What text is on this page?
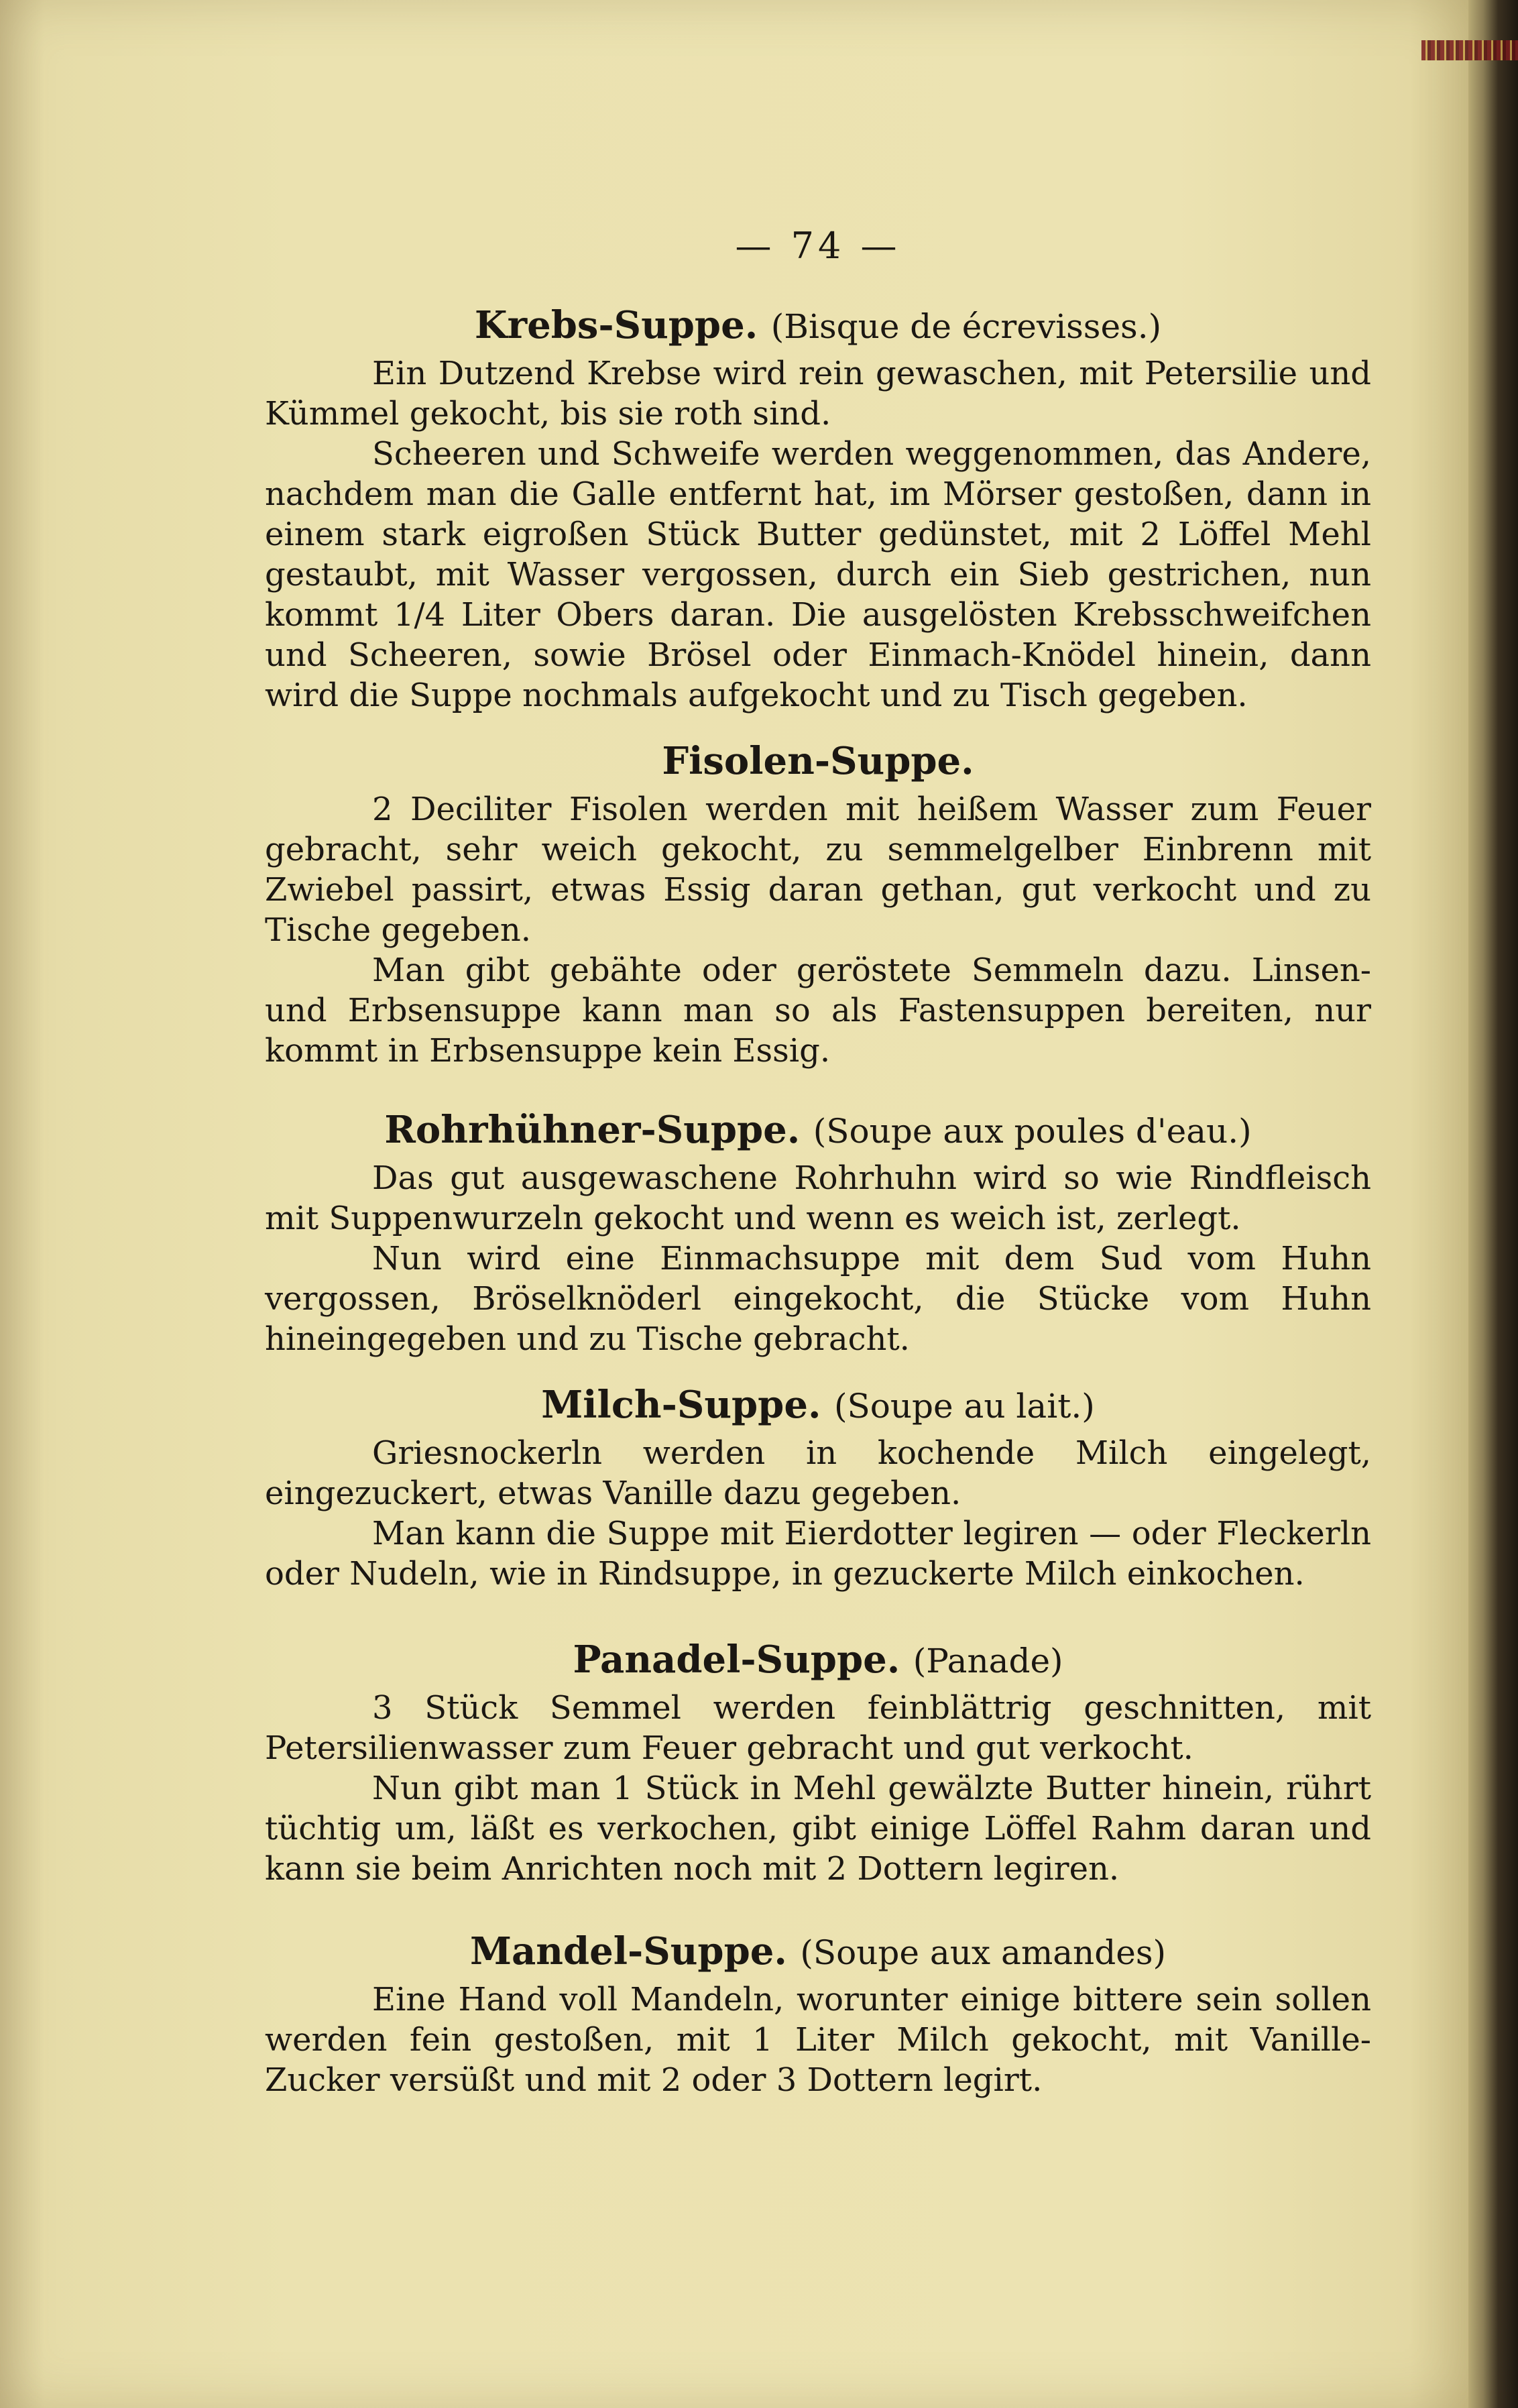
— 74 —

Krebs-Suppe. (Bisque de écrevisses.)

Ein Dutzend Krebse wird rein gewaschen, mit Petersilie und Kümmel gekocht, bis sie roth sind.

Scheeren und Schweife werden weggenommen, das Andere, nachdem man die Galle entfernt hat, im Mörser gestoßen, dann in einem stark eigroßen Stück Butter gedünstet, mit 2 Löffel Mehl gestaubt, mit Wasser vergossen, durch ein Sieb gestrichen, nun kommt 1/4 Liter Obers daran. Die ausgelösten Krebsschweifchen und Scheeren, sowie Brösel oder Einmach-Knödel hinein, dann wird die Suppe nochmals aufgekocht und zu Tisch gegeben.

Fisolen-Suppe.

2 Deciliter Fisolen werden mit heißem Wasser zum Feuer gebracht, sehr weich gekocht, zu semmelgelber Einbrenn mit Zwiebel passirt, etwas Essig daran gethan, gut verkocht und zu Tische gegeben.

Man gibt gebähte oder geröstete Semmeln dazu. Linsen- und Erbsensuppe kann man so als Fastensuppen bereiten, nur kommt in Erbsensuppe kein Essig.

Rohrhühner-Suppe. (Soupe aux poules d'eau.)

Das gut ausgewaschene Rohrhuhn wird so wie Rindfleisch mit Suppenwurzeln gekocht und wenn es weich ist, zerlegt.

Nun wird eine Einmachsuppe mit dem Sud vom Huhn vergossen, Bröselknöderl eingekocht, die Stücke vom Huhn hineingegeben und zu Tische gebracht.

Milch-Suppe. (Soupe au lait.)

Griesnockerln werden in kochende Milch eingelegt, eingezuckert, etwas Vanille dazu gegeben.

Man kann die Suppe mit Eierdotter legiren — oder Fleckerln oder Nudeln, wie in Rindsuppe, in gezuckerte Milch einkochen.

Panadel-Suppe. (Panade)

3 Stück Semmel werden feinblättrig geschnitten, mit Petersilienwasser zum Feuer gebracht und gut verkocht.

Nun gibt man 1 Stück in Mehl gewälzte Butter hinein, rührt tüchtig um, läßt es verkochen, gibt einige Löffel Rahm daran und kann sie beim Anrichten noch mit 2 Dottern legiren.

Mandel-Suppe. (Soupe aux amandes)

Eine Hand voll Mandeln, worunter einige bittere sein sollen werden fein gestoßen, mit 1 Liter Milch gekocht, mit Vanille-Zucker versüßt und mit 2 oder 3 Dottern legirt.
